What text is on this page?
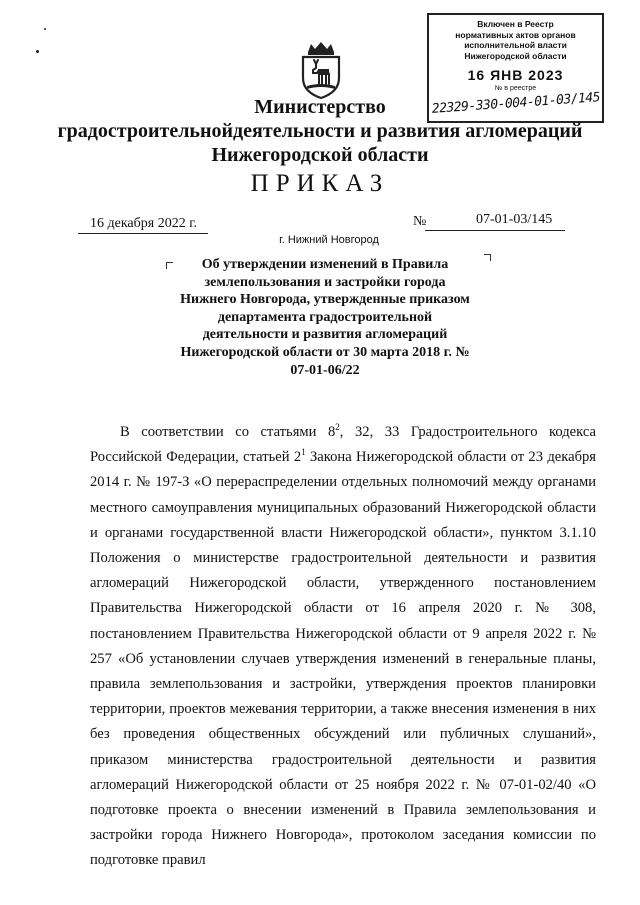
Включен в Реестр
нормативных актов органов
исполнительной власти
Нижегородской области
16 ЯНВ 2023
№ в реестре
22329-330-004-01-03/145
Министерство
градостроительнойдеятельности и развития агломераций
Нижегородской области
ПРИКАЗ
16 декабря 2022 г.	№	07-01-03/145
г. Нижний Новгород
Об утверждении изменений в Правила землепользования и застройки города Нижнего Новгорода, утвержденные приказом департамента градостроительной деятельности и развития агломераций Нижегородской области от 30 марта 2018 г. № 07-01-06/22

В соответствии со статьями $8^2$, 32, 33 Градостроительного кодекса Российской Федерации, статьей $2^1$ Закона Нижегородской области от 23 декабря 2014 г. № 197-З «О перераспределении отдельных полномочий между органами местного самоуправления муниципальных образований Нижегородской области и органами государственной власти Нижегородской области», пунктом 3.1.10 Положения о министерстве градостроительной деятельности и развития агломераций Нижегородской области, утвержденного постановлением Правительства Нижегородской области от 16 апреля 2020 г. № 308, постановлением Правительства Нижегородской области от 9 апреля 2022 г. № 257 «Об установлении случаев утверждения изменений в генеральные планы, правила землепользования и застройки, утверждения проектов планировки территории, проектов межевания территории, а также внесения изменения в них без проведения общественных обсуждений или публичных слушаний», приказом министерства градостроительной деятельности и развития агломераций Нижегородской области от 25 ноября 2022 г. № 07-01-02/40 «О подготовке проекта о внесении изменений в Правила землепользования и застройки города Нижнего Новгорода», протоколом заседания комиссии по подготовке правил
